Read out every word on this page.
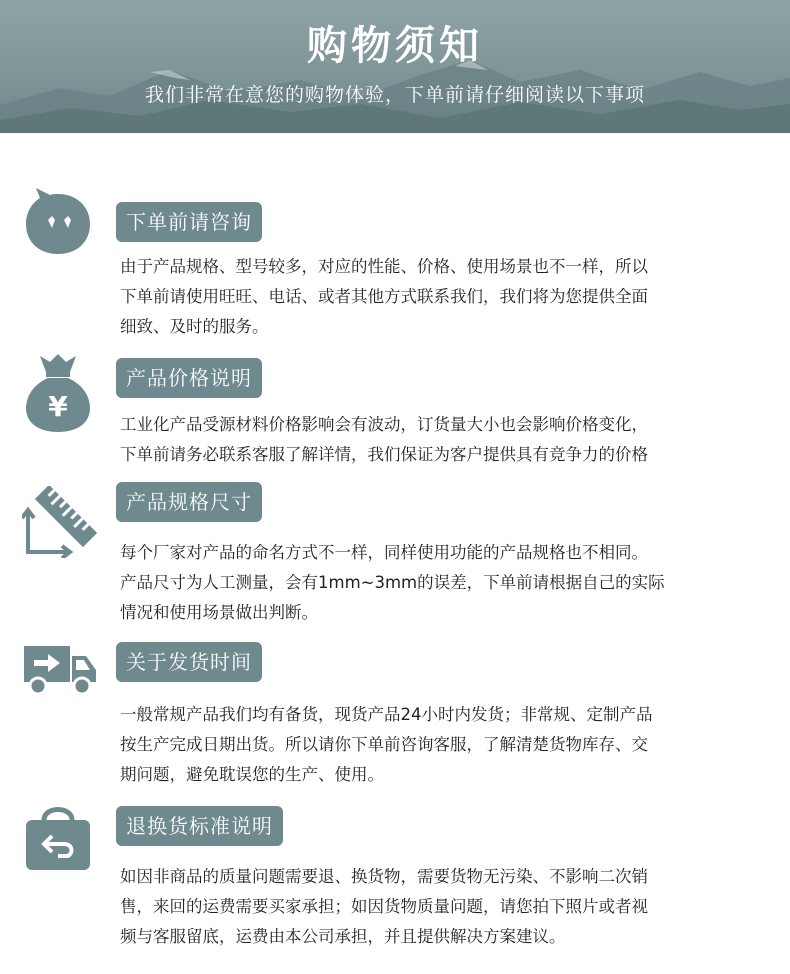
购物须知
我们非常在意您的购物体验，下单前请仔细阅读以下事项
下单前请咨询
由于产品规格、型号较多，对应的性能、价格、使用场景也不一样，所以
下单前请使用旺旺、电话、或者其他方式联系我们，我们将为您提供全面
细致、及时的服务。
¥
产品价格说明
工业化产品受源材料价格影响会有波动，订货量大小也会影响价格变化，
下单前请务必联系客服了解详情，我们保证为客户提供具有竞争力的价格
产品规格尺寸
每个厂家对产品的命名方式不一样，同样使用功能的产品规格也不相同。
产品尺寸为人工测量，会有1mm~3mm的误差，下单前请根据自己的实际
情况和使用场景做出判断。
关于发货时间
一般常规产品我们均有备货，现货产品24小时内发货；非常规、定制产品
按生产完成日期出货。所以请你下单前咨询客服，了解清楚货物库存、交
期问题，避免耽误您的生产、使用。
退换货标准说明
如因非商品的质量问题需要退、换货物，需要货物无污染、不影响二次销
售，来回的运费需要买家承担；如因货物质量问题，请您拍下照片或者视
频与客服留底，运费由本公司承担，并且提供解决方案建议。
